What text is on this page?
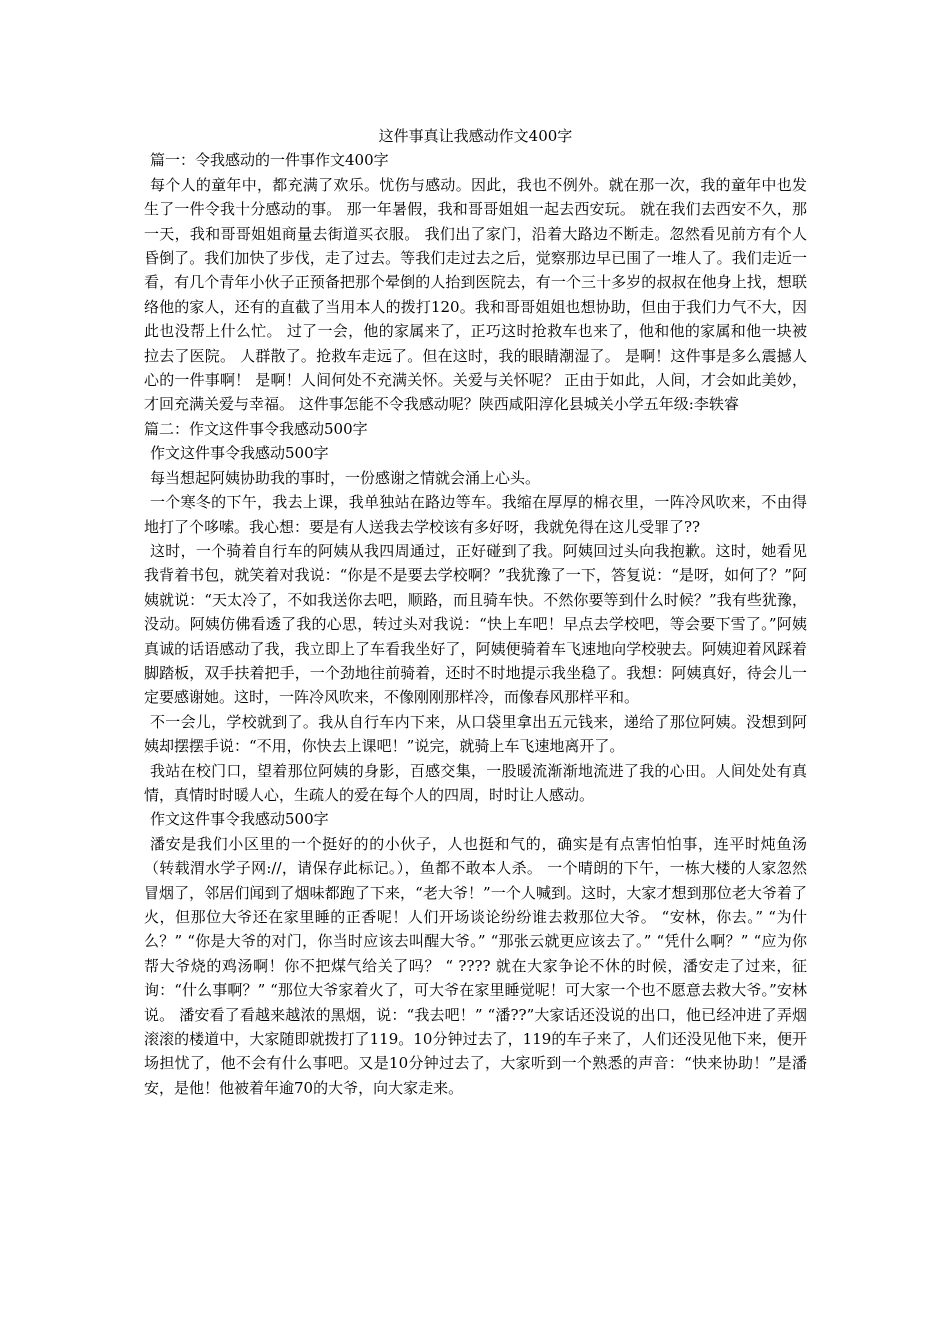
这件事真让我感动作文400字

篇一：令我感动的一件事作文400字

每个人的童年中，都充满了欢乐。忧伤与感动。因此，我也不例外。就在那一次，我的童年中也发生了一件令我十分感动的事。 那一年暑假，我和哥哥姐姐一起去西安玩。 就在我们去西安不久，那一天，我和哥哥姐姐商量去街道买衣服。 我们出了家门，沿着大路边不断走。忽然看见前方有个人昏倒了。我们加快了步伐，走了过去。等我们走过去之后，觉察那边早已围了一堆人了。我们走近一看，有几个青年小伙子正预备把那个晕倒的人抬到医院去，有一个三十多岁的叔叔在他身上找，想联络他的家人，还有的直截了当用本人的拨打120。我和哥哥姐姐也想协助，但由于我们力气不大，因此也没帮上什么忙。 过了一会，他的家属来了，正巧这时抢救车也来了，他和他的家属和他一块被拉去了医院。 人群散了。抢救车走远了。但在这时，我的眼睛潮湿了。 是啊！这件事是多么震撼人心的一件事啊！ 是啊！人间何处不充满关怀。关爱与关怀呢？ 正由于如此，人间，才会如此美妙，才回充满关爱与幸福。 这件事怎能不令我感动呢？陕西咸阳淳化县城关小学五年级:李轶睿

篇二：作文这件事令我感动500字

作文这件事令我感动500字

每当想起阿姨协助我的事时，一份感谢之情就会涌上心头。

一个寒冬的下午，我去上课，我单独站在路边等车。我缩在厚厚的棉衣里，一阵冷风吹来，不由得地打了个哆嗦。我心想：要是有人送我去学校该有多好呀，我就免得在这儿受罪了??

这时，一个骑着自行车的阿姨从我四周通过，正好碰到了我。阿姨回过头向我抱歉。这时，她看见我背着书包，就笑着对我说：“你是不是要去学校啊？”我犹豫了一下，答复说：“是呀，如何了？”阿姨就说：“天太冷了，不如我送你去吧，顺路，而且骑车快。不然你要等到什么时候？”我有些犹豫，没动。阿姨仿佛看透了我的心思，转过头对我说：“快上车吧！早点去学校吧，等会要下雪了。”阿姨真诚的话语感动了我，我立即上了车看我坐好了，阿姨便骑着车飞速地向学校驶去。阿姨迎着风踩着脚踏板，双手扶着把手，一个劲地往前骑着，还时不时地提示我坐稳了。我想：阿姨真好，待会儿一定要感谢她。这时，一阵冷风吹来，不像刚刚那样冷，而像春风那样平和。

不一会儿，学校就到了。我从自行车内下来，从口袋里拿出五元钱来，递给了那位阿姨。没想到阿姨却摆摆手说：“不用，你快去上课吧！”说完，就骑上车飞速地离开了。

我站在校门口，望着那位阿姨的身影，百感交集，一股暖流渐渐地流进了我的心田。人间处处有真情，真情时时暖人心，生疏人的爱在每个人的四周，时时让人感动。

作文这件事令我感动500字

潘安是我们小区里的一个挺好的的小伙子，人也挺和气的，确实是有点害怕怕事，连平时炖鱼汤（转载渭水学子网://，请保存此标记。），鱼都不敢本人杀。 一个晴朗的下午，一栋大楼的人家忽然冒烟了，邻居们闻到了烟味都跑了下来，“老大爷！”一个人喊到。这时，大家才想到那位老大爷着了火，但那位大爷还在家里睡的正香呢！人们开场谈论纷纷谁去救那位大爷。 “安林，你去。” “为什么？” “你是大爷的对门，你当时应该去叫醒大爷。” “那张云就更应该去了。” “凭什么啊？” “应为你帮大爷烧的鸡汤啊！你不把煤气给关了吗？ “ ???? 就在大家争论不休的时候，潘安走了过来，征询：“什么事啊？” “那位大爷家着火了，可大爷在家里睡觉呢！可大家一个也不愿意去救大爷。”安林说。 潘安看了看越来越浓的黑烟，说：“我去吧！” “潘??”大家话还没说的出口，他已经冲进了弄烟滚滚的楼道中，大家随即就拨打了119。10分钟过去了，119的车子来了，人们还没见他下来，便开场担忧了，他不会有什么事吧。又是10分钟过去了，大家听到一个熟悉的声音：“快来协助！”是潘安，是他！他被着年逾70的大爷，向大家走来。
